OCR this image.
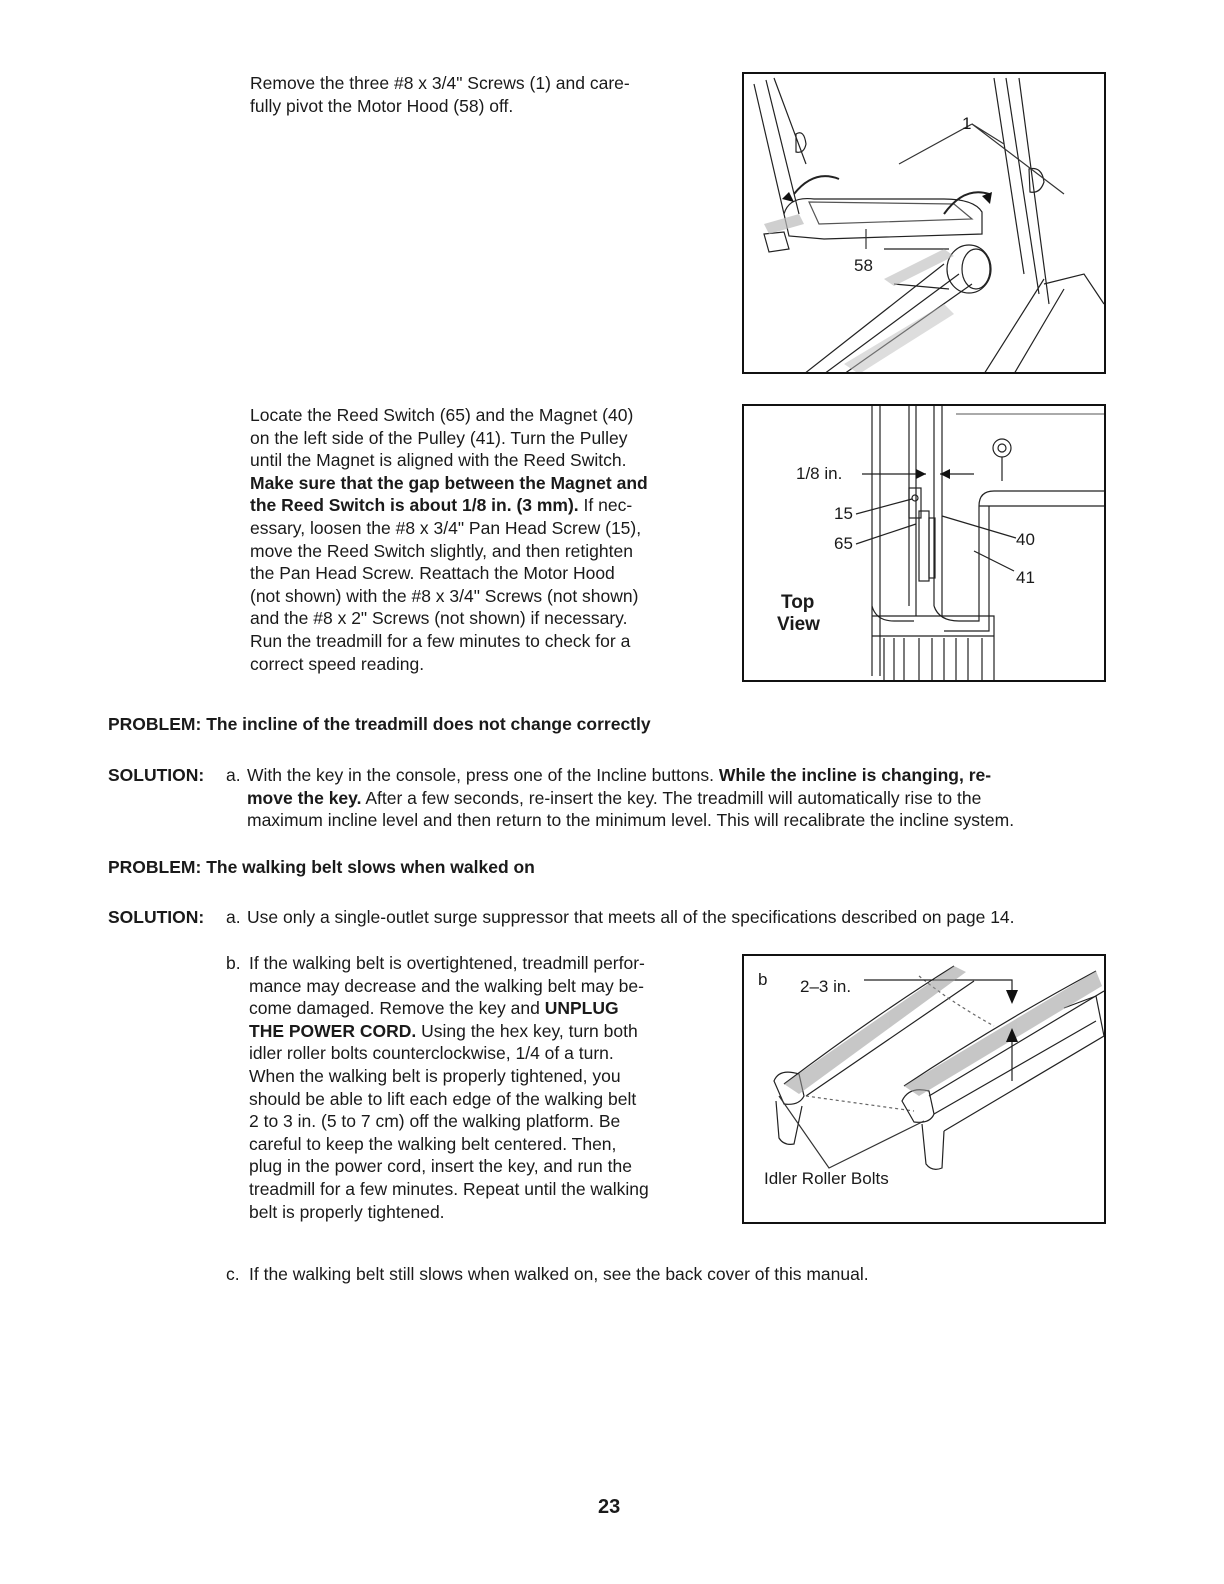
Remove the three #8 x 3/4" Screws (1) and care-
fully pivot the Motor Hood (58) off.
1
58
Locate the Reed Switch (65) and the Magnet (40)
on the left side of the Pulley (41). Turn the Pulley
until the Magnet is aligned with the Reed Switch.
Make sure that the gap between the Magnet and
the Reed Switch is about 1/8 in. (3 mm). If nec-
essary, loosen the #8 x 3/4" Pan Head Screw (15),
move the Reed Switch slightly, and then retighten
the Pan Head Screw. Reattach the Motor Hood
(not shown) with the #8 x 3/4" Screws (not shown)
and the #8 x 2" Screws (not shown) if necessary.
Run the treadmill for a few minutes to check for a
correct speed reading.
1/8 in.
15
65	40
41
Top
View
PROBLEM: The incline of the treadmill does not change correctly
SOLUTION: a. With the key in the console, press one of the Incline buttons. While the incline is changing, re-
move the key. After a few seconds, re-insert the key. The treadmill will automatically rise to the
maximum incline level and then return to the minimum level. This will recalibrate the incline system.
PROBLEM: The walking belt slows when walked on
SOLUTION: a. Use only a single-outlet surge suppressor that meets all of the specifications described on page 14.
b. If the walking belt is overtightened, treadmill perfor-
mance may decrease and the walking belt may be-
come damaged. Remove the key and UNPLUG
THE POWER CORD. Using the hex key, turn both
idler roller bolts counterclockwise, 1/4 of a turn.
When the walking belt is properly tightened, you
should be able to lift each edge of the walking belt
2 to 3 in. (5 to 7 cm) off the walking platform. Be
careful to keep the walking belt centered. Then,
plug in the power cord, insert the key, and run the
treadmill for a few minutes. Repeat until the walking
belt is properly tightened.
b 2–3 in.
Idler Roller Bolts
c. If the walking belt still slows when walked on, see the back cover of this manual.
23
